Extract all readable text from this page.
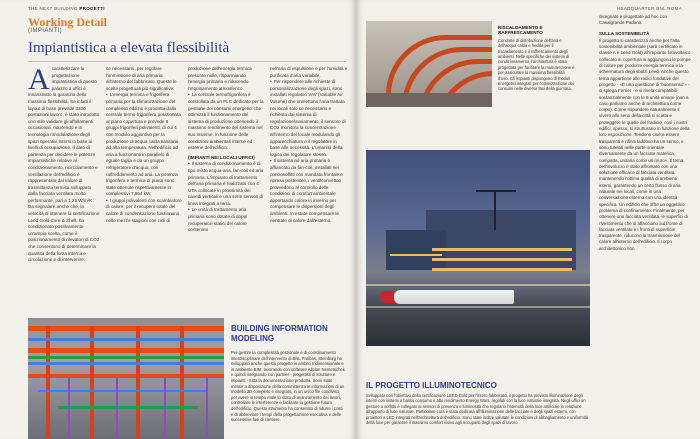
THE NEXT BUILDING PROGETTI
Working Detail
(IMPIANTI)
Impiantistica a elevata flessibilità
A caratterizzare la progettazione impiantistica di questo palazzo a uffici è innanzitutto la garanzia della massima flessibilità. Se infatti il layout di base prevede 3300 postazioni lavoro, è stato introdotto uno stile validare gli affollamenti occasionali, riducendo e in tecnologia rimodulazione degli spazi operativi interni in base ai livelli di occupazione. Il dato di partenza per decidere le potenze impiantistiche relative al condizionamento, ricircolamento e ventilazione dell'edificio è rappresentato dal valore di trasmittanza termica sviluppato dalla facciata ventilata molto performante, pari a 1,25 W/m²K. Da segnalare anche che, la velocità di ottenere la certificazione Leed Gold Core & Shell, ha condizionato positivamente un'ampia scelta, come il posizionamento di rilevatori di CO2 che consentono di determinare la quantità della forza interna e circolazione e di intervenire,
se necessario, per regolare l'immissione di aria primaria all'interno del fabbricato. Queste le scelte progettuali più significative:
• L'energia termica e frigorifera primaria per la climatizzazione del complesso edilizio è prodotta dalla centrale termo-frigorifera posizionata al piano copertura e prevede 8 gruppi frigoriferi polivalenti, di cui 4 con modulo aggiuntivo per la produzione di acqua calda sanitaria ad alta temperatura. Nell'edificio ad aria a funzionanti in parallelo di eguale taglia e da un gruppo refrigeratore d'acqua, con raffreddamento ad aria. La potenza frigorifera e termica di punta sono state ottenute rispettivamente in complessivi 7,864 kW.
• I gruppi polivalenti con scambiatore di calore, per il recupero totale del calore di condensazione funzionano nelle mezze stagioni con cicli di
produzione dell'energia termica presunte nulle, risparmiando l'energia primaria e riducendo l'inquinamento atmosferico.
• La centrale termofrigorifera è controllata da un PLC dedicato per la gestione dei consumi energetici che ottimizza il funzionamento del sistema di produzione ottenendo il massimo rendimento del sistema nel suo insieme, in funzione delle condizioni ambientali interne ed esterne dell'edificio.
(IMPIANTI NEI LOCALI UFFICI)
• Il sistema di condizionamento è di tipo misto acqua-aria, fan-coil ed aria primaria. L'impianto di trattamento dell'aria primaria è realizzato con 4 UTA collocate in prossimità dei cavedi verticali e una serie sensori di linea integrati a terra.
• Le unità di trattamento aria primaria sono dotate di doppi recuperatori statici del calore contenuto
nell'aria di espulsione e per l'umidità e purificata d'aria variabile.
• Per rispondere alle richieste di personalizzazione degli spazi, sono installati regolatori VAV (Variable Air Volume) che immettono l'aria trattata nei locali solo se necessario e richiesto dai sistema di regolazione/avviamento, il sensore di CO2 monitora la concentrazione all'interno del locale modulando gli apparecchiatura e il regolatore in base alle necessità. L'umanità della logica dei regolatore stesso.
• Il sistema ad aria primaria è affiancato da fan-coil, installati nei controsoffitti con mandata frontale e ripresa posteriore, i ventilconvettori provvedono al controllo delle condizioni di comfort ambientale apportando calore in inverno per compensare le dispersioni degli ambienti. In estate compensare le rientrate di calore dall'esterno.
BUILDING INFORMATION MODELING
Per gestire la complessità gestionale e di coordinamento interdisciplinare dell'intervento di BNL Paribas, Steinburg ha sviluppato anche questo progetto in ambito tridimensionale e in ambiente BIM, lavorando con software Allplan Nemetschek e quindi integrando con partner - progettisti di strutture e impianti - tutta la documentazione prodotta. Sono state messe a disposizione della committenza le informazioni di un modello 3D completo e integrato, in un unico file condiviso, per avere in tempo reale lo stato di avanzamento dei lavori, controllare le interferenze e facilitare la gestione futura dell'edificio. Questo strumento ha consentito di ridurre i costi e di abbreviare i tempi della progettazione esecutiva e delle successive fasi di cantiere.
HEADQUARTER BNL ROMA
RISCALDAMENTO E RAFFRESCAMENTO
Condotte di distribuzione dell'aria e dell'acqua calda e fredda per il riscaldamento e il raffrescamento degli ambienti. Nelle specifiche dei sistemi di condizionamento, l'architettura è stata progettata per facilitare la manutenzione e per assicurare la massima flessibilità d'uso. Gli impianti dispongono di moduli energetici integrati per l'ottimizzazione dei consumi nelle diverse fasi della giornata.
IL PROGETTO ILLUMINOTECNICO
Sviluppato con l'obiettivo della certificazione LEED Gold per l'intero fabbricato, il progetto ha previsto illuminazione degli interni con sistemi a basso consumo e alto rendimento Energy Wars, regolati con la luce naturale integrata. Negli uffici un gestore a soffitto è collegato ai sensori di presenza e luminosità che regolano l'intensità della luce artificiale in relazione all'apporto di luce naturale. Particolare cura è stata dedicata all'illuminazione delle facciate e degli spazi esterni, con proiettori a LED integrati nell'architettura dell'edificio. Sono state inoltre valutate le condizioni di abbagliamento e uniformità della luce per garantire il massimo comfort visivo agli occupanti degli spazi di lavoro.
disegnate e progettate ad hoc con Casalgrande Padana.
SULLA SOSTENIBILITÀ
Il progetto si caratterizza anche per l'alta sostenibilità ambientale (sarà certificato in classe A e Leed Gold) all'impianto fotovoltaico collocato in copertura si aggiungono le pompe di calore per produrre energia termica e la schermatura degli sbalzi Leed. Anche questo tema appartiene alle radici fondative del progetto - «È una questione di 'buonsenso'» - ci spiega Ferrier - e si rivela compatibili sostanzialmente con le 8 unità umane (non a caso parliamo anche di architettura come corpo). Come rispondere naturalmente il vivere allo seno della città si scatta e proteggere le quelle del fradicio, così i nostri edifici, spesso, si strutturano in funzione della loro esposizione. Tendono cioè a essere trasparenti e rifiniti laddove ha un senso, e sono tutelati nelle parte orientate diversamente da un facciate materica, compatta, unitaria come un muro». Il tema dell'involucro è stato affrontato con una soluzione efficace di facciata ventilata, mantenendo l'ottima qualità di ambienti interni, garantendo un certo flusso di aria naturale nei locali, come in una conversazione esterna con una identità specifica. Un edificio che offre un oggettivo problema di confinamento. Finalmente, per ottenere una facciata ventilata, le superfici di rivestimento che si affacciano sul fronte di facciata ventilata e i fronti di superficie trasparente, riducono la trasmissione del calore all'interno dell'edificio. Il corpo architettonico non
